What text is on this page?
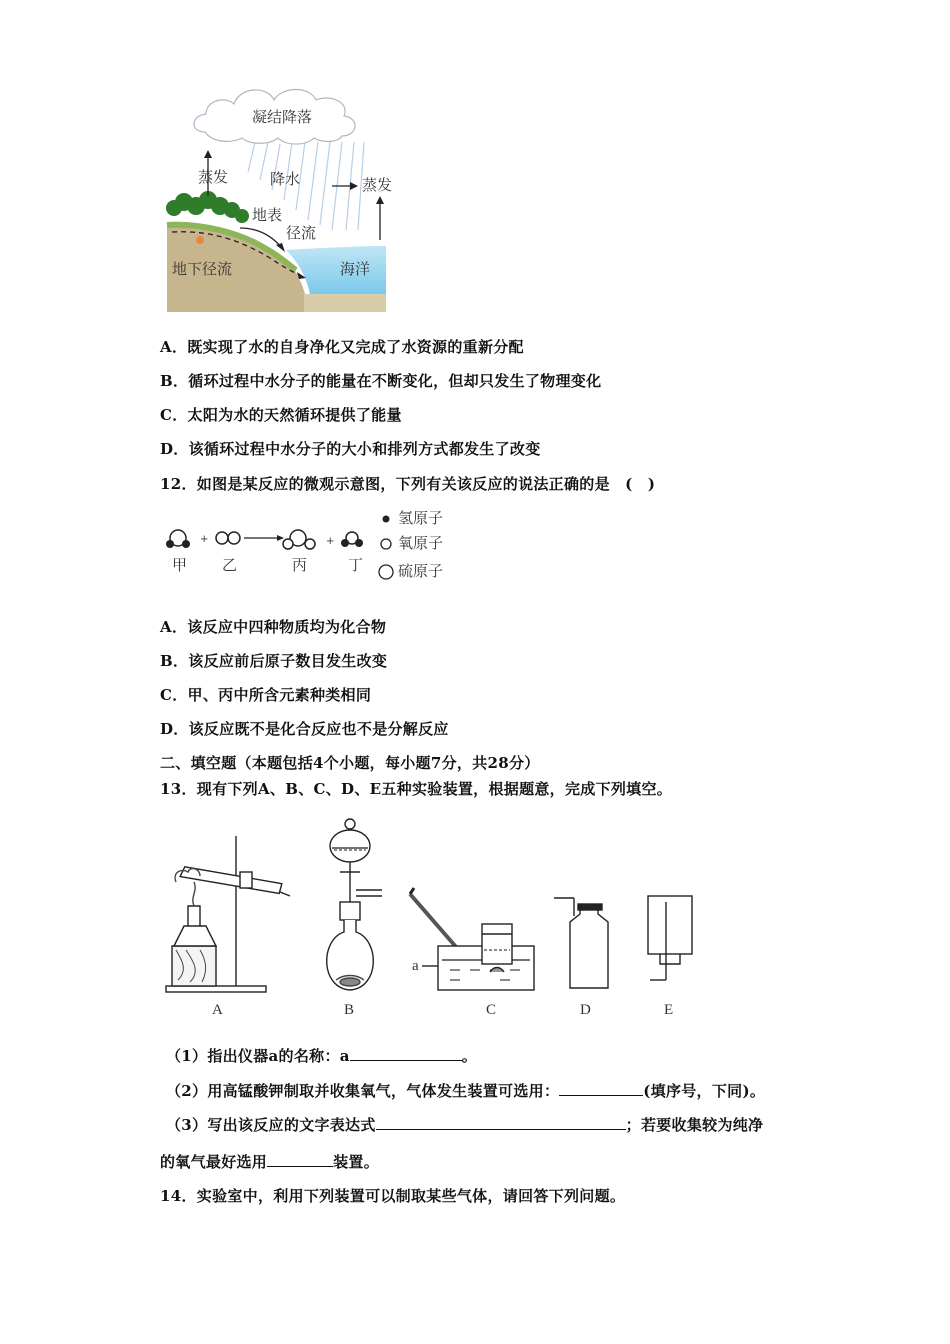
凝结降落
蒸发	降水	蒸发
地表
径流
地下径流	海洋
A．既实现了水的自身净化又完成了水资源的重新分配
B．循环过程中水分子的能量在不断变化，但却只发生了物理变化
C．太阳为水的天然循环提供了能量
D．该循环过程中水分子的大小和排列方式都发生了改变
12．如图是某反应的微观示意图，下列有关该反应的说法正确的是　(　)
+	+
甲 乙	丙	丁
氢原子
氧原子
硫原子
A．该反应中四种物质均为化合物
B．该反应前后原子数目发生改变
C．甲、丙中所含元素种类相同
D．该反应既不是化合反应也不是分解反应
二、填空题（本题包括4个小题，每小题7分，共28分）
13．现有下列A、B、C、D、E五种实验装置，根据题意，完成下列填空。
a
A	B	C	D	E
（1）指出仪器a的名称：a	。
（2）用高锰酸钾制取并收集氧气，气体发生装置可选用：	(填序号，下同)。
（3）写出该反应的文字表达式	；若要收集较为纯净
的氧气最好选用	装置。
14．实验室中，利用下列装置可以制取某些气体，请回答下列问题。
